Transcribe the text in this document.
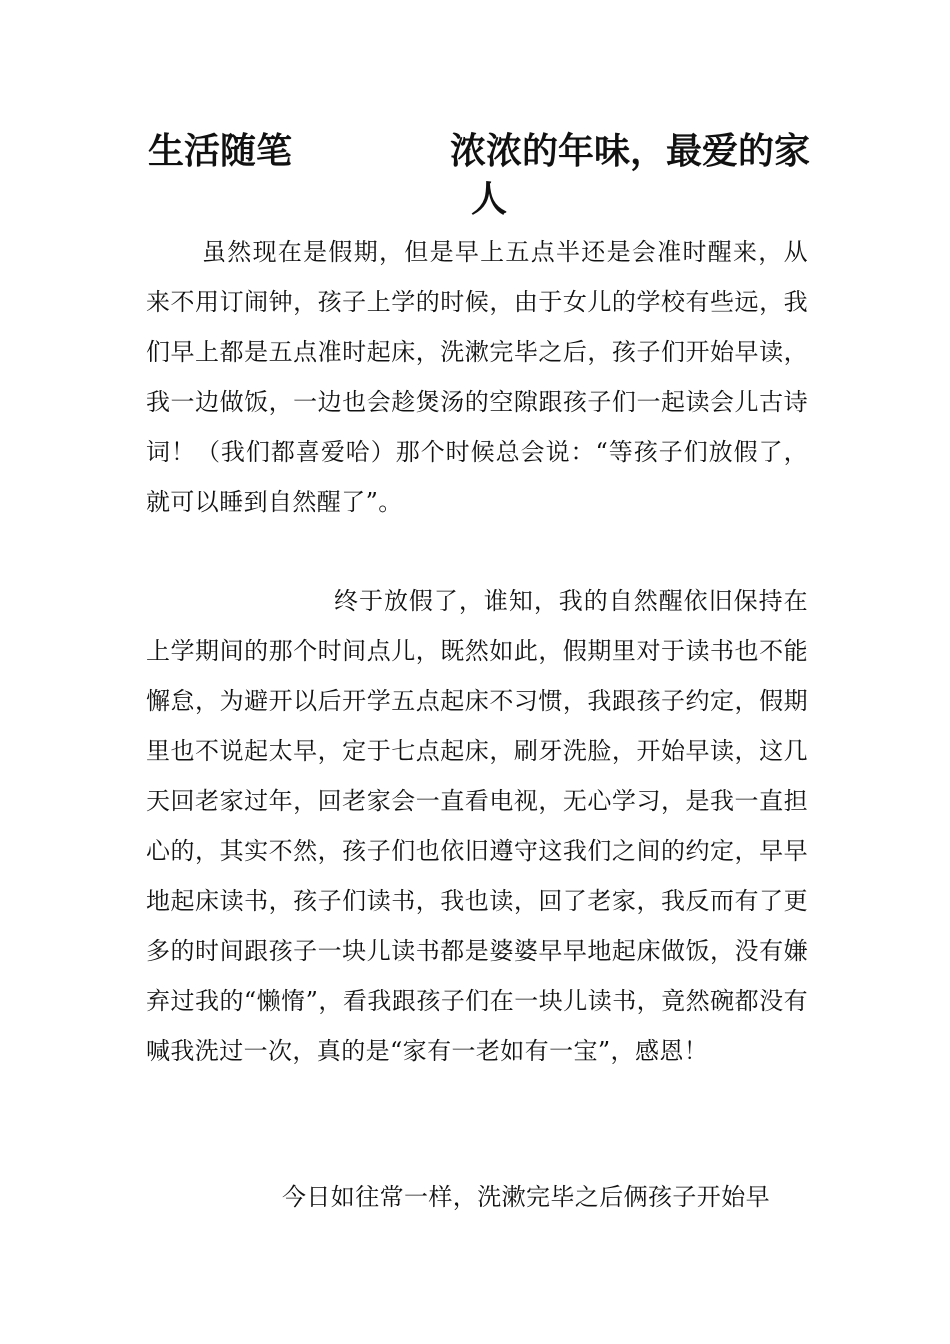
生活随笔	浓浓的年味，最爱的家
人
虽然现在是假期，但是早上五点半还是会准时醒来，从来不用订闹钟，孩子上学的时候，由于女儿的学校有些远，我们早上都是五点准时起床，洗漱完毕之后，孩子们开始早读，我一边做饭，一边也会趁煲汤的空隙跟孩子们一起读会儿古诗词！（我们都喜爱哈）那个时候总会说：“等孩子们放假了，就可以睡到自然醒了”。
终于放假了，谁知，我的自然醒依旧保持在上学期间的那个时间点儿，既然如此，假期里对于读书也不能懈怠，为避开以后开学五点起床不习惯，我跟孩子约定，假期里也不说起太早，定于七点起床，刷牙洗脸，开始早读，这几天回老家过年，回老家会一直看电视，无心学习，是我一直担心的，其实不然，孩子们也依旧遵守这我们之间的约定，早早地起床读书，孩子们读书，我也读，回了老家，我反而有了更多的时间跟孩子一块儿读书都是婆婆早早地起床做饭，没有嫌弃过我的“懒惰”，看我跟孩子们在一块儿读书，竟然碗都没有喊我洗过一次，真的是“家有一老如有一宝”，感恩！
今日如往常一样，洗漱完毕之后俩孩子开始早
